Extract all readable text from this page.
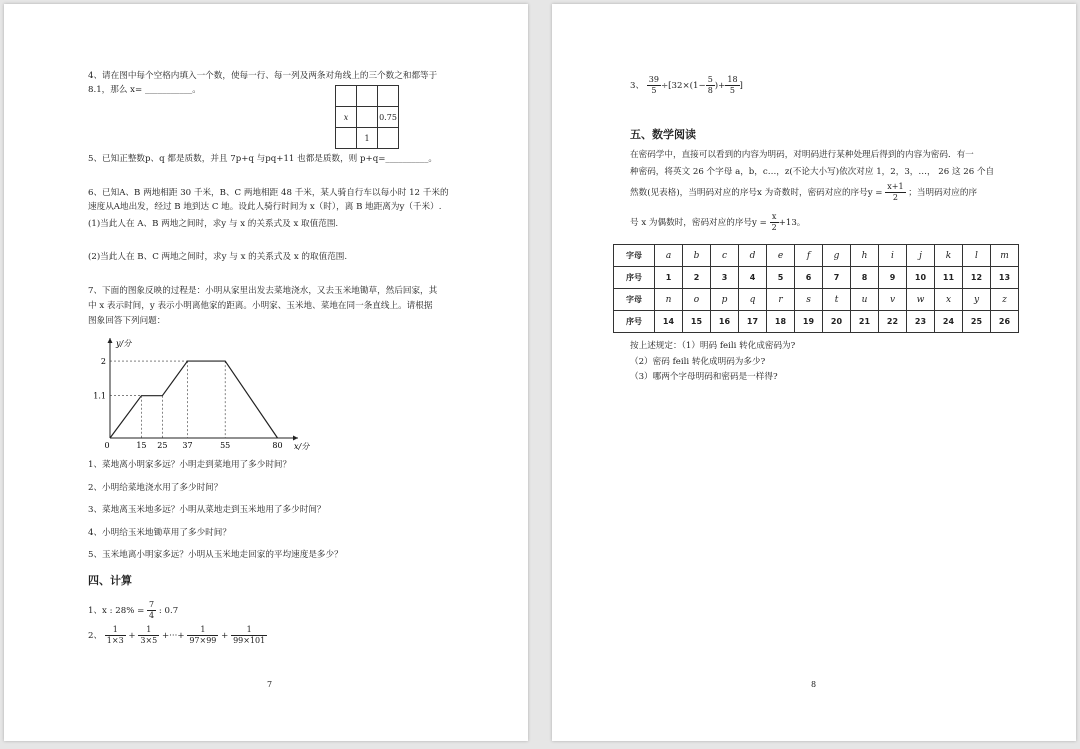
4、请在图中每个空格内填入一个数，使每一行、每一列及两条对角线上的三个数之和都等于
8.1，那么 x= ___________。

x		0.75
	1	
5、已知正整数p、q 都是质数，并且 7p+q 与pq+11 也都是质数，则 p+q=__________。
6、已知A、B 两地相距 30 千米，B、C 两地相距 48 千米，某人骑自行车以每小时 12 千米的
速度从A地出发，经过 B 地到达 C 地。设此人骑行时间为 x（时），离 B 地距离为y（千米）.
(1)当此人在 A、B 两地之间时，求y 与 x 的关系式及 x 取值范围.
(2)当此人在 B、C 两地之间时，求y 与 x 的关系式及 x 的取值范围.
7、下面的图象反映的过程是：小明从家里出发去菜地浇水，又去玉米地锄草，然后回家，其
中 x 表示时间，y 表示小明离他家的距离。小明家、玉米地、菜地在同一条直线上。请根据
图象回答下列问题：
1.1
2
0	15 25 37	55	80 x/分
y/分
1、菜地离小明家多远？小明走到菜地用了多少时间？
2、小明给菜地浇水用了多少时间？
3、菜地离玉米地多远？小明从菜地走到玉米地用了多少时间？
4、小明给玉米地锄草用了多少时间？
5、玉米地离小明家多远？小明从玉米地走回家的平均速度是多少？
四、计算
1、x : $28\% = \frac{7}{4}$ : 0.7
2、 $\frac{1}{1\times 3} + \frac{1}{3\times 5}$ +···+ $\frac{1}{97\times 99} + \frac{1}{99\times 101}$
7
3、 $\frac{39}{5} \div[32\times(1- \frac{5}{8}$ )+ $\frac{18}{5}$ ]
五、数学阅读
在密码学中，直接可以看到的内容为明码，对明码进行某种处理后得到的内容为密码．有一
种密码，将英文 26 个字母 a，b，c…，z(不论大小写)依次对应 1，2，3，…， 26 这 26 个自
然数(见表格)，当明码对应的序号x 为奇数时，密码对应的序号$y = \frac{x+1}{2}$ ；当明码对应的序
号 x 为偶数时，密码对应的序号$y = \frac{x}{2} +13$。
字母	a	b	c	d	e	f	g	h	i	j	k	l	m
序号	1	2	3	4	5	6	7	8	9	10	11	12	13
字母	n	o	p	q	r	s	t	u	v	w	x	y	z
序号	14	15	16	17	18	19	20	21	22	23	24	25	26
按上述规定：（1）明码 feili 转化成密码为?
（2）密码 feili 转化成明码为多少?
（3）哪两个字母明码和密码是一样得?
8
